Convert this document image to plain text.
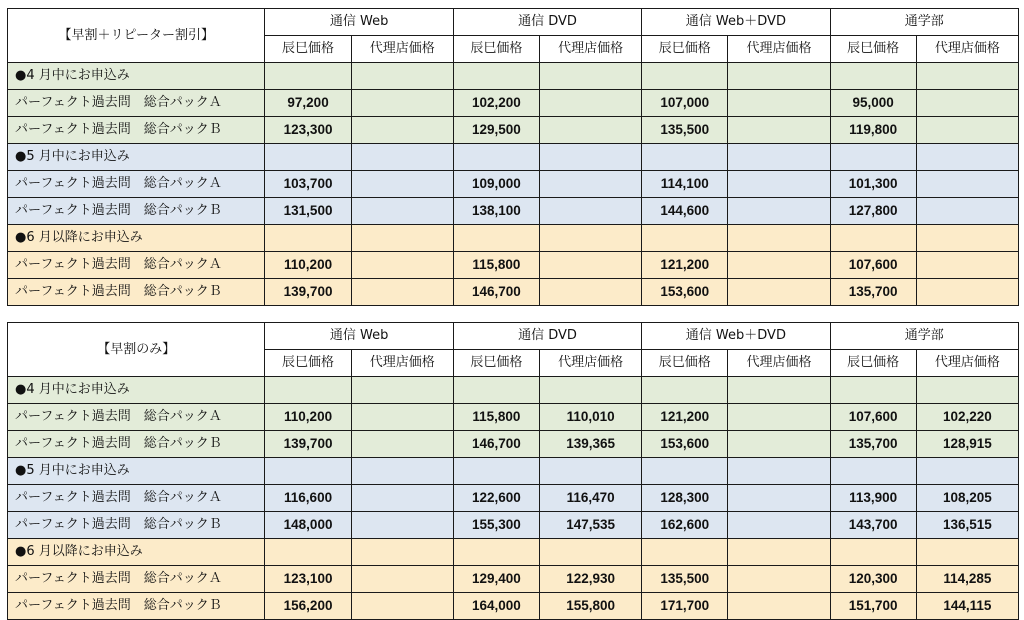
【早割＋リピーター割引】	通信 Web		通信 DVD		通信 Web＋DVD		通学部	
	辰巳価格	代理店価格	辰巳価格	代理店価格	辰巳価格	代理店価格	辰巳価格	代理店価格
●4 月中にお申込み								
パーフェクト過去問　総合パックＡ	97,200		102,200		107,000		95,000	
パーフェクト過去問　総合パックＢ	123,300		129,500		135,500		119,800	
●5 月中にお申込み								
パーフェクト過去問　総合パックＡ	103,700		109,000		114,100		101,300	
パーフェクト過去問　総合パックＢ	131,500		138,100		144,600		127,800	
●6 月以降にお申込み								
パーフェクト過去問　総合パックＡ	110,200		115,800		121,200		107,600	
パーフェクト過去問　総合パックＢ	139,700		146,700		153,600		135,700	
【早割のみ】	通信 Web		通信 DVD		通信 Web＋DVD		通学部	
	辰巳価格	代理店価格	辰巳価格	代理店価格	辰巳価格	代理店価格	辰巳価格	代理店価格
●4 月中にお申込み								
パーフェクト過去問　総合パックＡ	110,200		115,800	110,010	121,200		107,600	102,220
パーフェクト過去問　総合パックＢ	139,700		146,700	139,365	153,600		135,700	128,915
●5 月中にお申込み								
パーフェクト過去問　総合パックＡ	116,600		122,600	116,470	128,300		113,900	108,205
パーフェクト過去問　総合パックＢ	148,000		155,300	147,535	162,600		143,700	136,515
●6 月以降にお申込み								
パーフェクト過去問　総合パックＡ	123,100		129,400	122,930	135,500		120,300	114,285
パーフェクト過去問　総合パックＢ	156,200		164,000	155,800	171,700		151,700	144,115
